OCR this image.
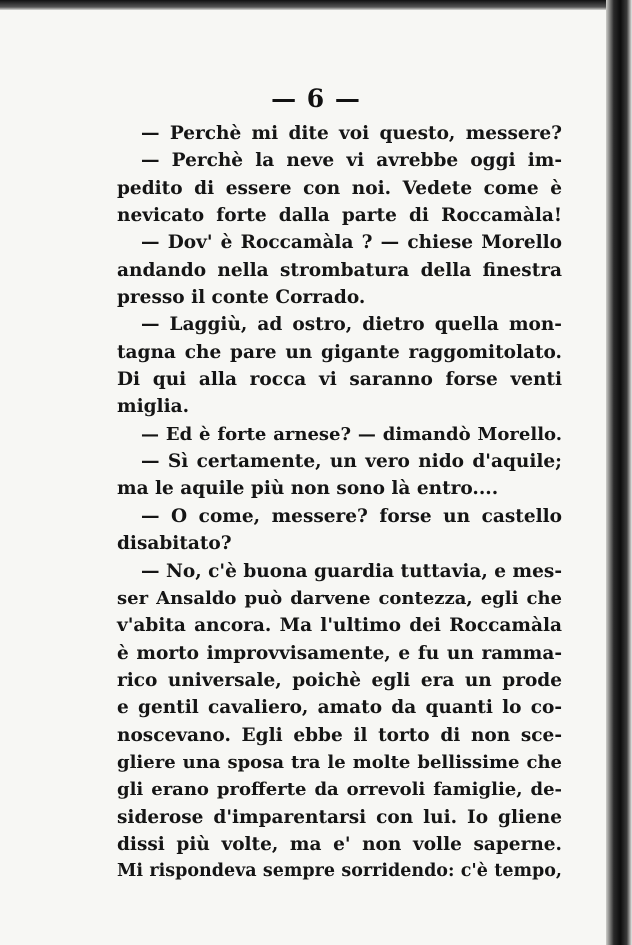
— 6 —
— Perchè mi dite voi questo, messere?
— Perchè la neve vi avrebbe oggi im-
pedito di essere con noi. Vedete come è
nevicato forte dalla parte di Roccamàla!
— Dov' è Roccamàla ? — chiese Morello
andando nella strombatura della finestra
presso il conte Corrado.
— Laggiù, ad ostro, dietro quella mon-
tagna che pare un gigante raggomitolato.
Di qui alla rocca vi saranno forse venti
miglia.
— Ed è forte arnese? — dimandò Morello.
— Sì certamente, un vero nido d'aquile;
ma le aquile più non sono là entro....
— O come, messere? forse un castello
disabitato?
— No, c'è buona guardia tuttavia, e mes-
ser Ansaldo può darvene contezza, egli che
v'abita ancora. Ma l'ultimo dei Roccamàla
è morto improvvisamente, e fu un ramma-
rico universale, poichè egli era un prode
e gentil cavaliero, amato da quanti lo co-
noscevano. Egli ebbe il torto di non sce-
gliere una sposa tra le molte bellissime che
gli erano profferte da orrevoli famiglie, de-
siderose d'imparentarsi con lui. Io gliene
dissi più volte, ma e' non volle saperne.
Mi rispondeva sempre sorridendo: c'è tempo,
